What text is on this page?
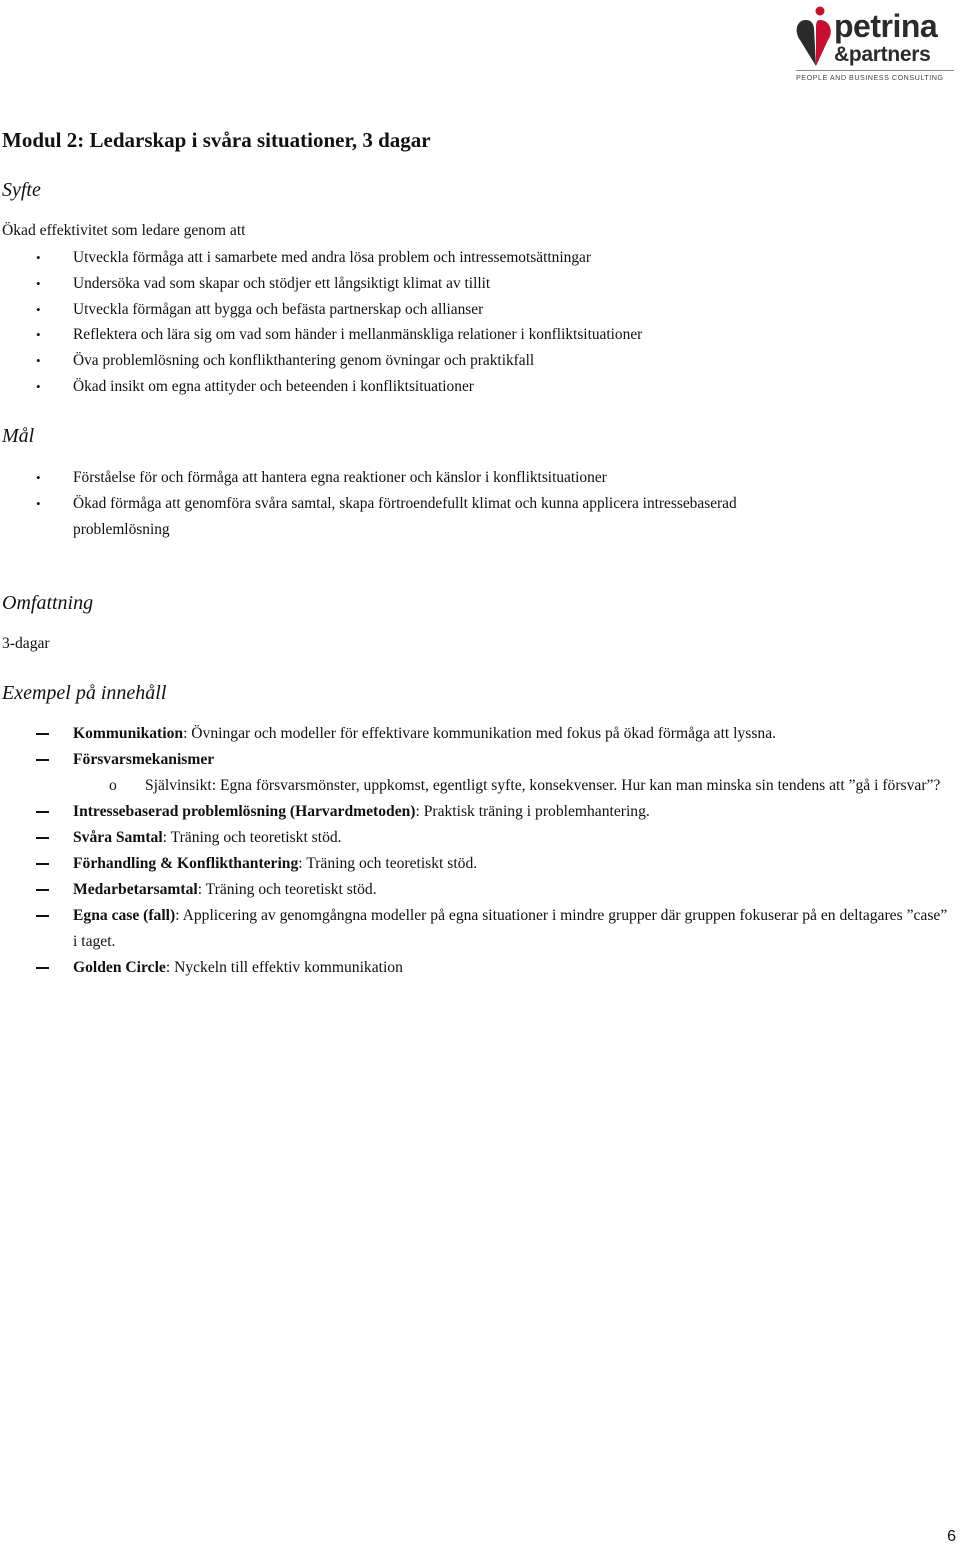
petrina
&partners
PEOPLE AND BUSINESS CONSULTING
Modul 2: Ledarskap i svåra situationer, 3 dagar
Syfte

Ökad effektivitet som ledare genom att

• Utveckla förmåga att i samarbete med andra lösa problem och intressemotsättningar
• Undersöka vad som skapar och stödjer ett långsiktigt klimat av tillit
• Utveckla förmågan att bygga och befästa partnerskap och allianser
• Reflektera och lära sig om vad som händer i mellanmänskliga relationer i konfliktsituationer
• Öva problemlösning och konflikthantering genom övningar och praktikfall
• Ökad insikt om egna attityder och beteenden i konfliktsituationer
Mål
• Förståelse för och förmåga att hantera egna reaktioner och känslor i konfliktsituationer
• Ökad förmåga att genomföra svåra samtal, skapa förtroendefullt klimat och kunna applicera intressebaserad problemlösning
Omfattning

3-dagar

Exempel på innehåll
Kommunikation: Övningar och modeller för effektivare kommunikation med fokus på ökad förmåga att lyssna.
Försvarsmekanismer
o Självinsikt: Egna försvarsmönster, uppkomst, egentligt syfte, konsekvenser. Hur kan man minska sin tendens att ”gå i försvar”?
Intressebaserad problemlösning (Harvardmetoden): Praktisk träning i problemhantering.
Svåra Samtal: Träning och teoretiskt stöd.
Förhandling & Konflikthantering: Träning och teoretiskt stöd.
Medarbetarsamtal: Träning och teoretiskt stöd.
Egna case (fall): Applicering av genomgångna modeller på egna situationer i mindre grupper där gruppen fokuserar på en deltagares ”case” i taget.
Golden Circle: Nyckeln till effektiv kommunikation
6
